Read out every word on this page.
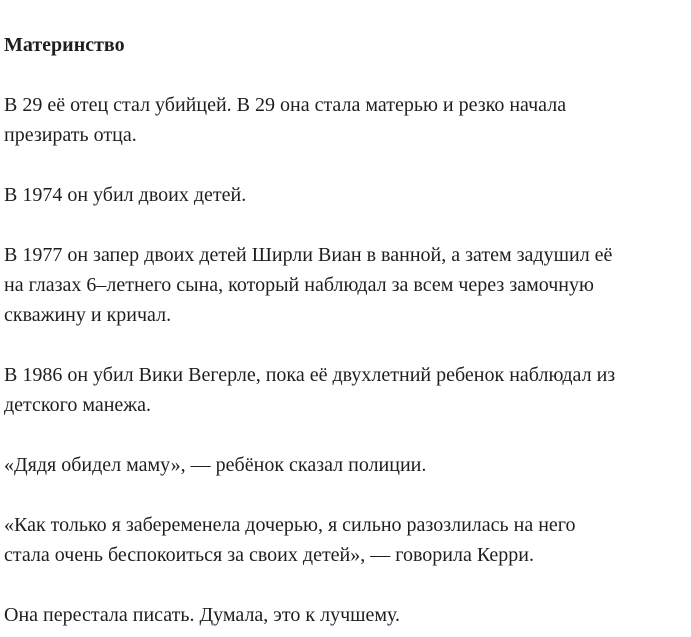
Материнство

В 29 её отец стал убийцей. В 29 она стала матерью и резко начала
презирать отца.

В 1974 он убил двоих детей.

В 1977 он запер двоих детей Ширли Виан в ванной, а затем задушил её
на глазах 6–летнего сына, который наблюдал за всем через замочную
скважину и кричал.

В 1986 он убил Вики Вегерле, пока её двухлетний ребенок наблюдал из
детского манежа.

«Дядя обидел маму», — ребёнок сказал полиции.

«Как только я забеременела дочерью, я сильно разозлилась на него
стала очень беспокоиться за своих детей», — говорила Керри.

Она перестала писать. Думала, это к лучшему.
